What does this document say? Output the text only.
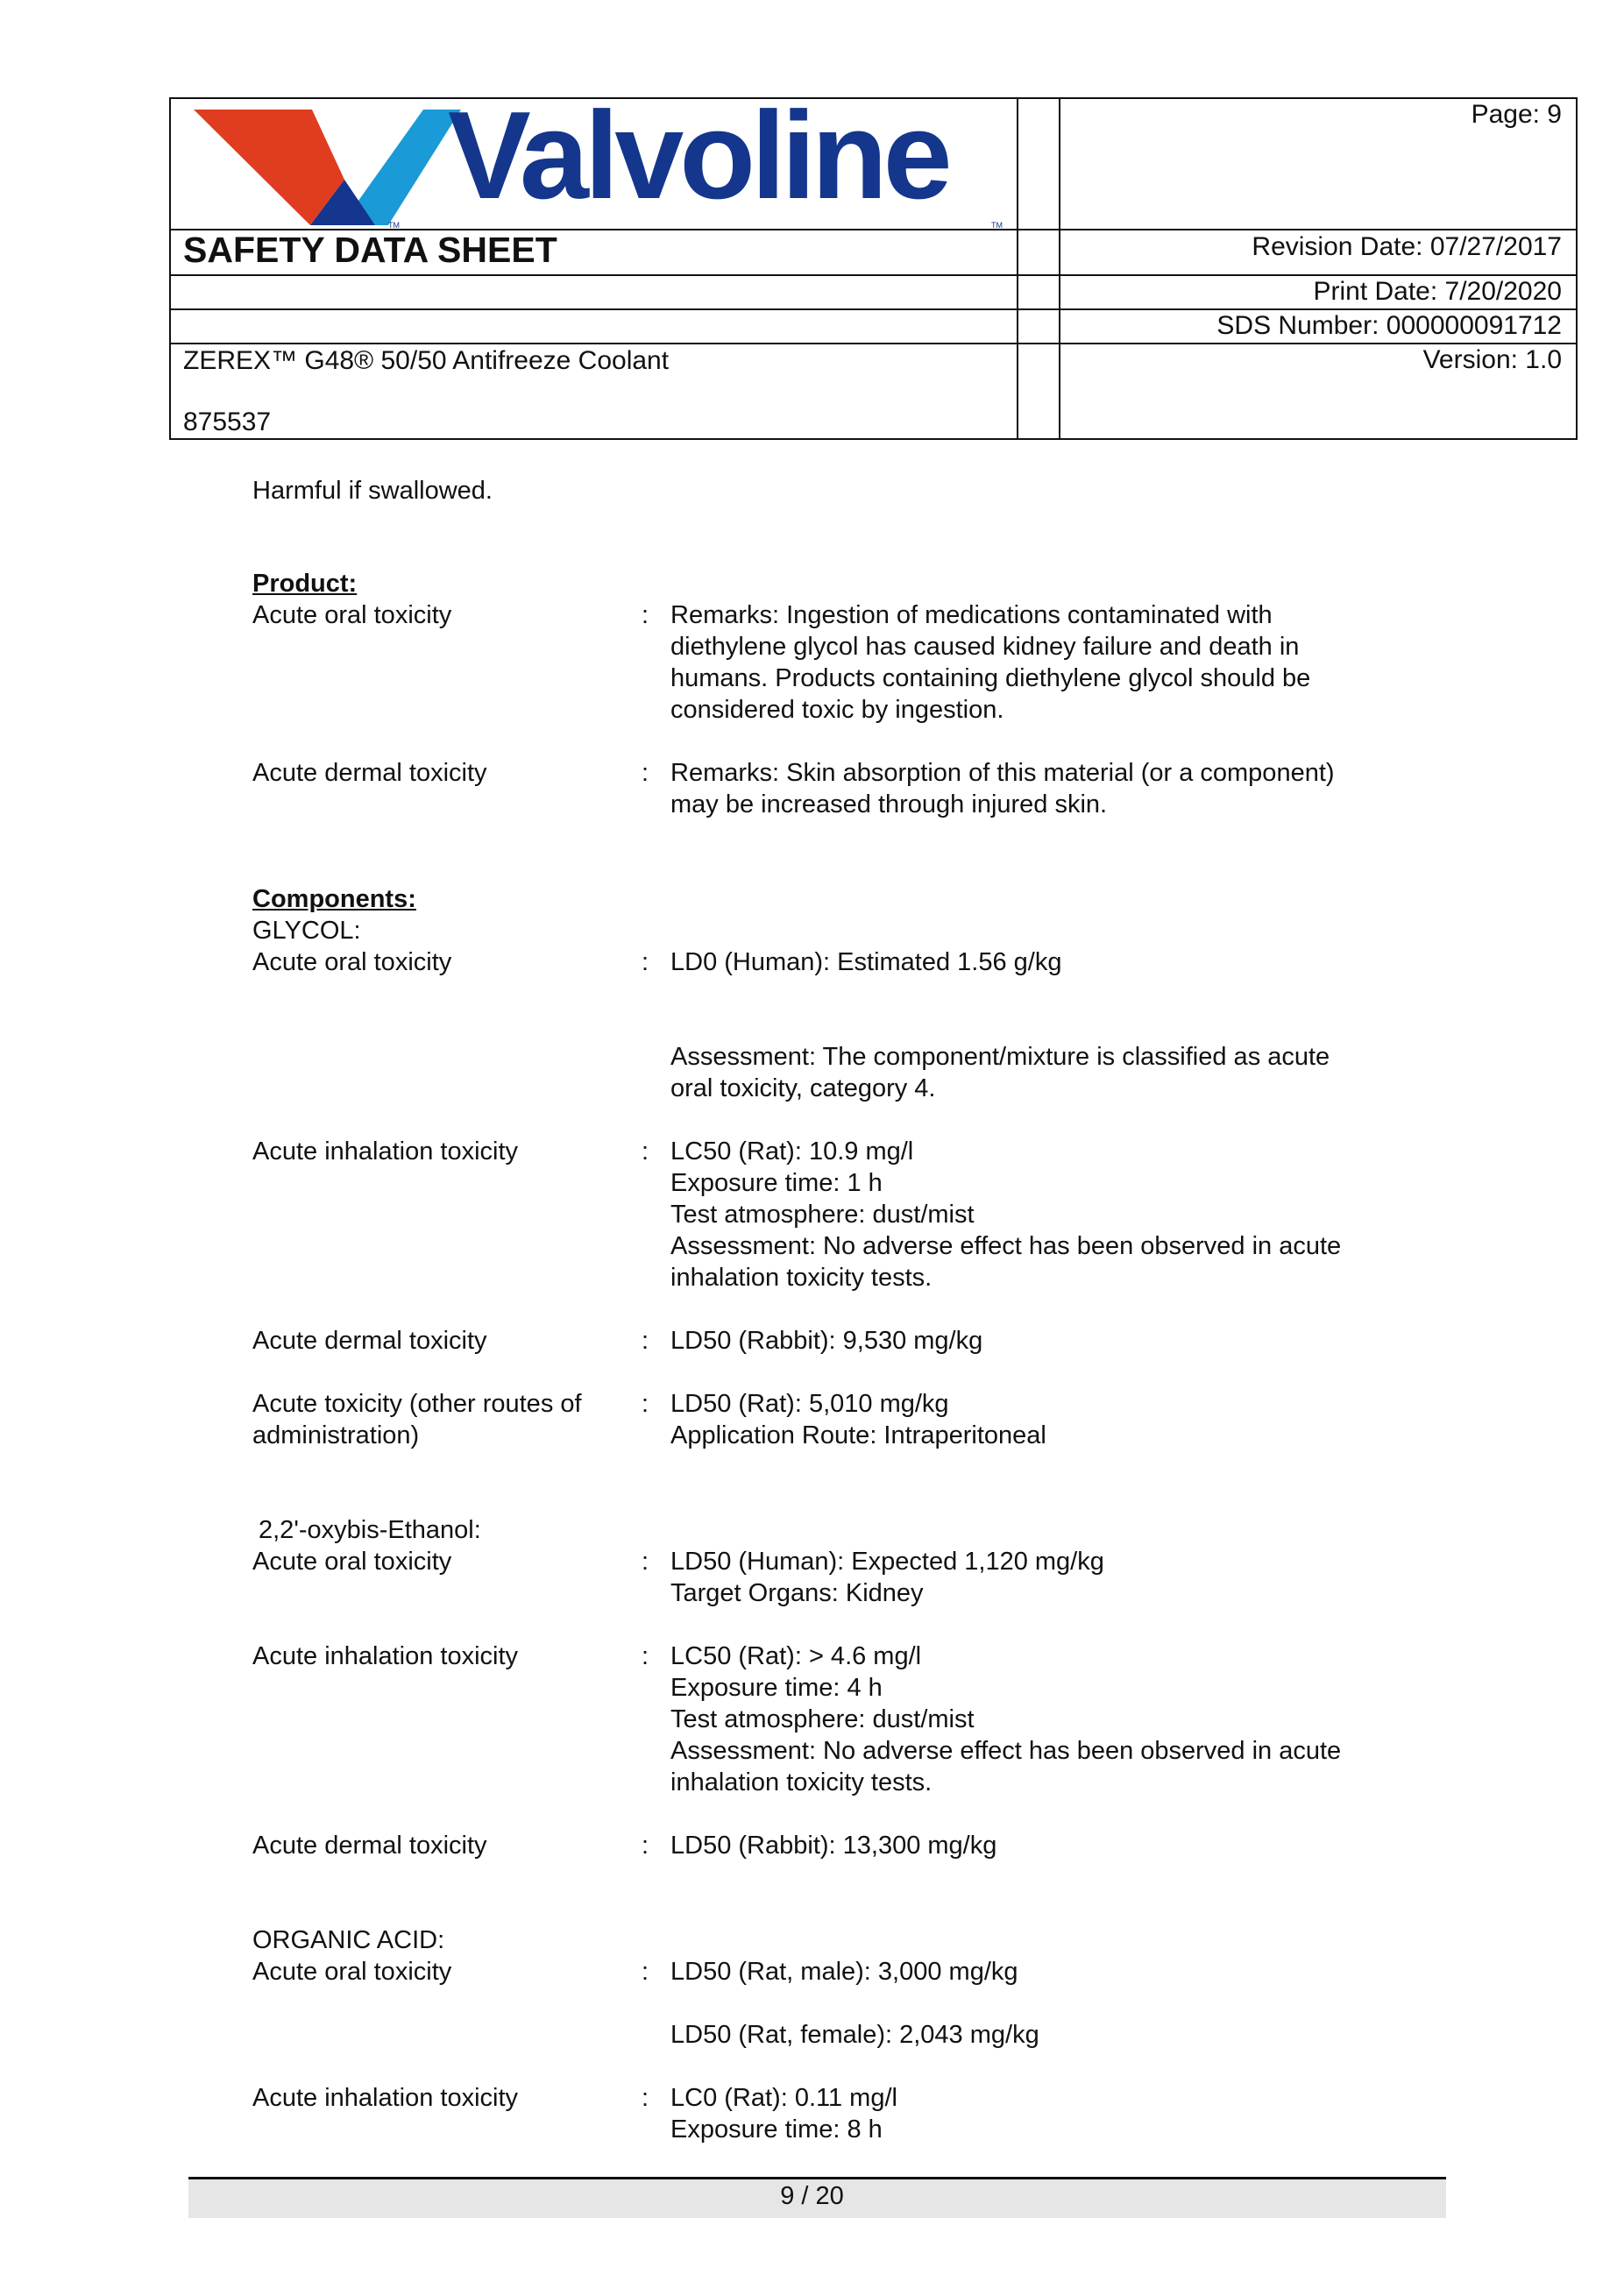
Valvoline
TM	TM
SAFETY DATA SHEET
ZEREX™ G48® 50/50 Antifreeze Coolant
875537
Page: 9
Revision Date: 07/27/2017
Print Date: 7/20/2020
SDS Number: 000000091712
Version: 1.0
Harmful if swallowed.
Product:
Acute oral toxicity	: Remarks: Ingestion of medications contaminated with
diethylene glycol has caused kidney failure and death in
humans. Products containing diethylene glycol should be
considered toxic by ingestion.
Acute dermal toxicity	: Remarks: Skin absorption of this material (or a component)
may be increased through injured skin.
Components:
GLYCOL:
Acute oral toxicity	: LD0 (Human): Estimated 1.56 g/kg
Assessment: The component/mixture is classified as acute
oral toxicity, category 4.
Acute inhalation toxicity	: LC50 (Rat): 10.9 mg/l
Exposure time: 1 h
Test atmosphere: dust/mist
Assessment: No adverse effect has been observed in acute
inhalation toxicity tests.
Acute dermal toxicity	: LD50 (Rabbit): 9,530 mg/kg
Acute toxicity (other routes of
administration)
: LD50 (Rat): 5,010 mg/kg
Application Route: Intraperitoneal
2,2'-oxybis-Ethanol:
Acute oral toxicity	: LD50 (Human): Expected 1,120 mg/kg
Target Organs: Kidney
Acute inhalation toxicity	: LC50 (Rat): > 4.6 mg/l
Exposure time: 4 h
Test atmosphere: dust/mist
Assessment: No adverse effect has been observed in acute
inhalation toxicity tests.
Acute dermal toxicity	: LD50 (Rabbit): 13,300 mg/kg
ORGANIC ACID:
Acute oral toxicity	: LD50 (Rat, male): 3,000 mg/kg
LD50 (Rat, female): 2,043 mg/kg
Acute inhalation toxicity	: LC0 (Rat): 0.11 mg/l
Exposure time: 8 h
9 / 20
